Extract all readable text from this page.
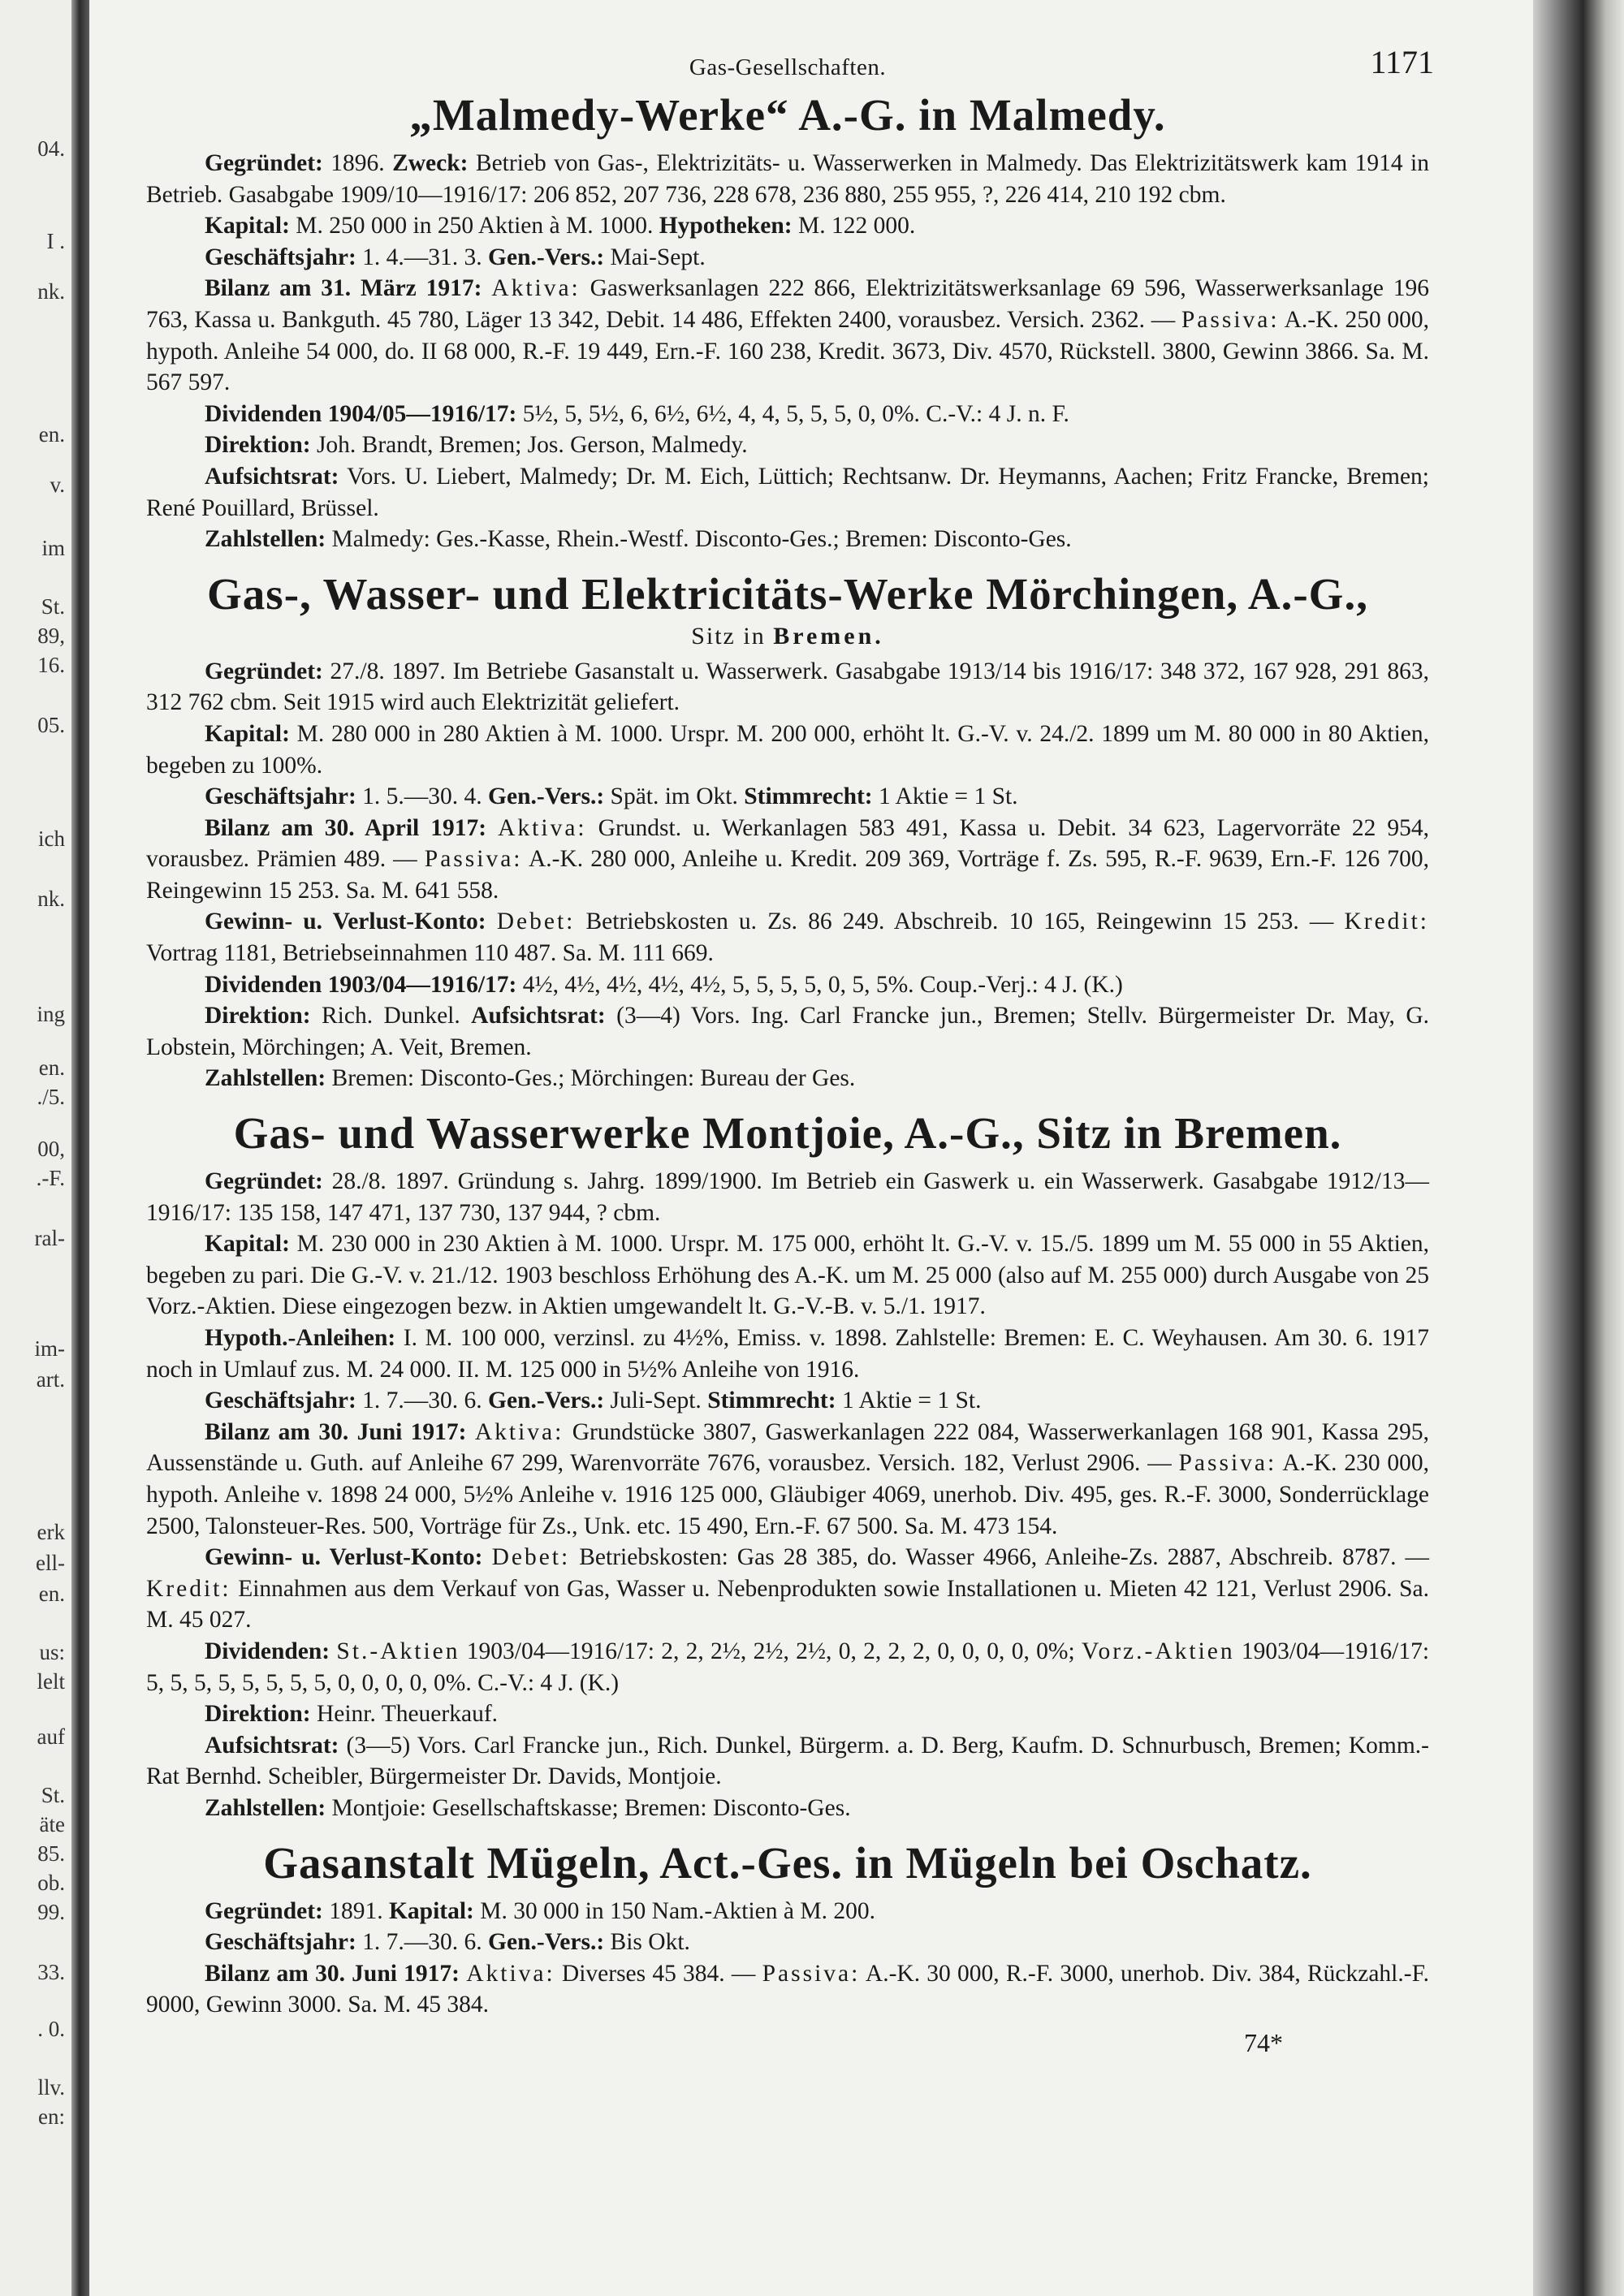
04.
I .
nk.
en.
v.
im
St.
89,
16.
05.
ich
nk.
ing
en.
./5.
00,
.-F.
ral-
im-
art.
erk
ell-
en.
us:
lelt
auf
St.
äte
85.
ob.
99.
33.
. 0.
llv.
en:
Gas-Gesellschaften.	1171
„Malmedy-Werke“ A.-G. in Malmedy.

Gegründet: 1896. Zweck: Betrieb von Gas-, Elektrizitäts- u. Wasserwerken in Malmedy. Das Elektrizitätswerk kam 1914 in Betrieb. Gasabgabe 1909/10—1916/17: 206 852, 207 736, 228 678, 236 880, 255 955, ?, 226 414, 210 192 cbm.

Kapital: M. 250 000 in 250 Aktien à M. 1000. Hypotheken: M. 122 000.

Geschäftsjahr: 1. 4.—31. 3. Gen.-Vers.: Mai-Sept.

Bilanz am 31. März 1917: Aktiva: Gaswerksanlagen 222 866, Elektrizitätswerksanlage 69 596, Wasserwerksanlage 196 763, Kassa u. Bankguth. 45 780, Läger 13 342, Debit. 14 486, Effekten 2400, vorausbez. Versich. 2362. — Passiva: A.-K. 250 000, hypoth. Anleihe 54 000, do. II 68 000, R.-F. 19 449, Ern.-F. 160 238, Kredit. 3673, Div. 4570, Rückstell. 3800, Gewinn 3866. Sa. M. 567 597.

Dividenden 1904/05—1916/17: 5½, 5, 5½, 6, 6½, 6½, 4, 4, 5, 5, 5, 0, 0%. C.-V.: 4 J. n. F.

Direktion: Joh. Brandt, Bremen; Jos. Gerson, Malmedy.

Aufsichtsrat: Vors. U. Liebert, Malmedy; Dr. M. Eich, Lüttich; Rechtsanw. Dr. Heymanns, Aachen; Fritz Francke, Bremen; René Pouillard, Brüssel.

Zahlstellen: Malmedy: Ges.-Kasse, Rhein.-Westf. Disconto-Ges.; Bremen: Disconto-Ges.

Gas-, Wasser- und Elektricitäts-Werke Mörchingen, A.-G.,
Sitz in Bremen.

Gegründet: 27./8. 1897. Im Betriebe Gasanstalt u. Wasserwerk. Gasabgabe 1913/14 bis 1916/17: 348 372, 167 928, 291 863, 312 762 cbm. Seit 1915 wird auch Elektrizität geliefert.

Kapital: M. 280 000 in 280 Aktien à M. 1000. Urspr. M. 200 000, erhöht lt. G.-V. v. 24./2. 1899 um M. 80 000 in 80 Aktien, begeben zu 100%.

Geschäftsjahr: 1. 5.—30. 4. Gen.-Vers.: Spät. im Okt. Stimmrecht: 1 Aktie = 1 St.

Bilanz am 30. April 1917: Aktiva: Grundst. u. Werkanlagen 583 491, Kassa u. Debit. 34 623, Lagervorräte 22 954, vorausbez. Prämien 489. — Passiva: A.-K. 280 000, Anleihe u. Kredit. 209 369, Vorträge f. Zs. 595, R.-F. 9639, Ern.-F. 126 700, Reingewinn 15 253. Sa. M. 641 558.

Gewinn- u. Verlust-Konto: Debet: Betriebskosten u. Zs. 86 249. Abschreib. 10 165, Reingewinn 15 253. — Kredit: Vortrag 1181, Betriebseinnahmen 110 487. Sa. M. 111 669.

Dividenden 1903/04—1916/17: 4½, 4½, 4½, 4½, 4½, 5, 5, 5, 5, 0, 5, 5%. Coup.-Verj.: 4 J. (K.)

Direktion: Rich. Dunkel. Aufsichtsrat: (3—4) Vors. Ing. Carl Francke jun., Bremen; Stellv. Bürgermeister Dr. May, G. Lobstein, Mörchingen; A. Veit, Bremen.

Zahlstellen: Bremen: Disconto-Ges.; Mörchingen: Bureau der Ges.

Gas- und Wasserwerke Montjoie, A.-G., Sitz in Bremen.

Gegründet: 28./8. 1897. Gründung s. Jahrg. 1899/1900. Im Betrieb ein Gaswerk u. ein Wasserwerk. Gasabgabe 1912/13—1916/17: 135 158, 147 471, 137 730, 137 944, ? cbm.

Kapital: M. 230 000 in 230 Aktien à M. 1000. Urspr. M. 175 000, erhöht lt. G.-V. v. 15./5. 1899 um M. 55 000 in 55 Aktien, begeben zu pari. Die G.-V. v. 21./12. 1903 beschloss Erhöhung des A.-K. um M. 25 000 (also auf M. 255 000) durch Ausgabe von 25 Vorz.-Aktien. Diese eingezogen bezw. in Aktien umgewandelt lt. G.-V.-B. v. 5./1. 1917.

Hypoth.-Anleihen: I. M. 100 000, verzinsl. zu 4½%, Emiss. v. 1898. Zahlstelle: Bremen: E. C. Weyhausen. Am 30. 6. 1917 noch in Umlauf zus. M. 24 000. II. M. 125 000 in 5½% Anleihe von 1916.

Geschäftsjahr: 1. 7.—30. 6. Gen.-Vers.: Juli-Sept. Stimmrecht: 1 Aktie = 1 St.

Bilanz am 30. Juni 1917: Aktiva: Grundstücke 3807, Gaswerkanlagen 222 084, Wasserwerkanlagen 168 901, Kassa 295, Aussenstände u. Guth. auf Anleihe 67 299, Warenvorräte 7676, vorausbez. Versich. 182, Verlust 2906. — Passiva: A.-K. 230 000, hypoth. Anleihe v. 1898 24 000, 5½% Anleihe v. 1916 125 000, Gläubiger 4069, unerhob. Div. 495, ges. R.-F. 3000, Sonderrücklage 2500, Talonsteuer-Res. 500, Vorträge für Zs., Unk. etc. 15 490, Ern.-F. 67 500. Sa. M. 473 154.

Gewinn- u. Verlust-Konto: Debet: Betriebskosten: Gas 28 385, do. Wasser 4966, Anleihe-Zs. 2887, Abschreib. 8787. — Kredit: Einnahmen aus dem Verkauf von Gas, Wasser u. Nebenprodukten sowie Installationen u. Mieten 42 121, Verlust 2906. Sa. M. 45 027.

Dividenden: St.-Aktien 1903/04—1916/17: 2, 2, 2½, 2½, 2½, 0, 2, 2, 2, 0, 0, 0, 0, 0%; Vorz.-Aktien 1903/04—1916/17: 5, 5, 5, 5, 5, 5, 5, 5, 0, 0, 0, 0, 0%. C.-V.: 4 J. (K.)

Direktion: Heinr. Theuerkauf.

Aufsichtsrat: (3—5) Vors. Carl Francke jun., Rich. Dunkel, Bürgerm. a. D. Berg, Kaufm. D. Schnurbusch, Bremen; Komm.-Rat Bernhd. Scheibler, Bürgermeister Dr. Davids, Montjoie.

Zahlstellen: Montjoie: Gesellschaftskasse; Bremen: Disconto-Ges.

Gasanstalt Mügeln, Act.-Ges. in Mügeln bei Oschatz.

Gegründet: 1891. Kapital: M. 30 000 in 150 Nam.-Aktien à M. 200.

Geschäftsjahr: 1. 7.—30. 6. Gen.-Vers.: Bis Okt.

Bilanz am 30. Juni 1917: Aktiva: Diverses 45 384. — Passiva: A.-K. 30 000, R.-F. 3000, unerhob. Div. 384, Rückzahl.-F. 9000, Gewinn 3000. Sa. M. 45 384.

74*
